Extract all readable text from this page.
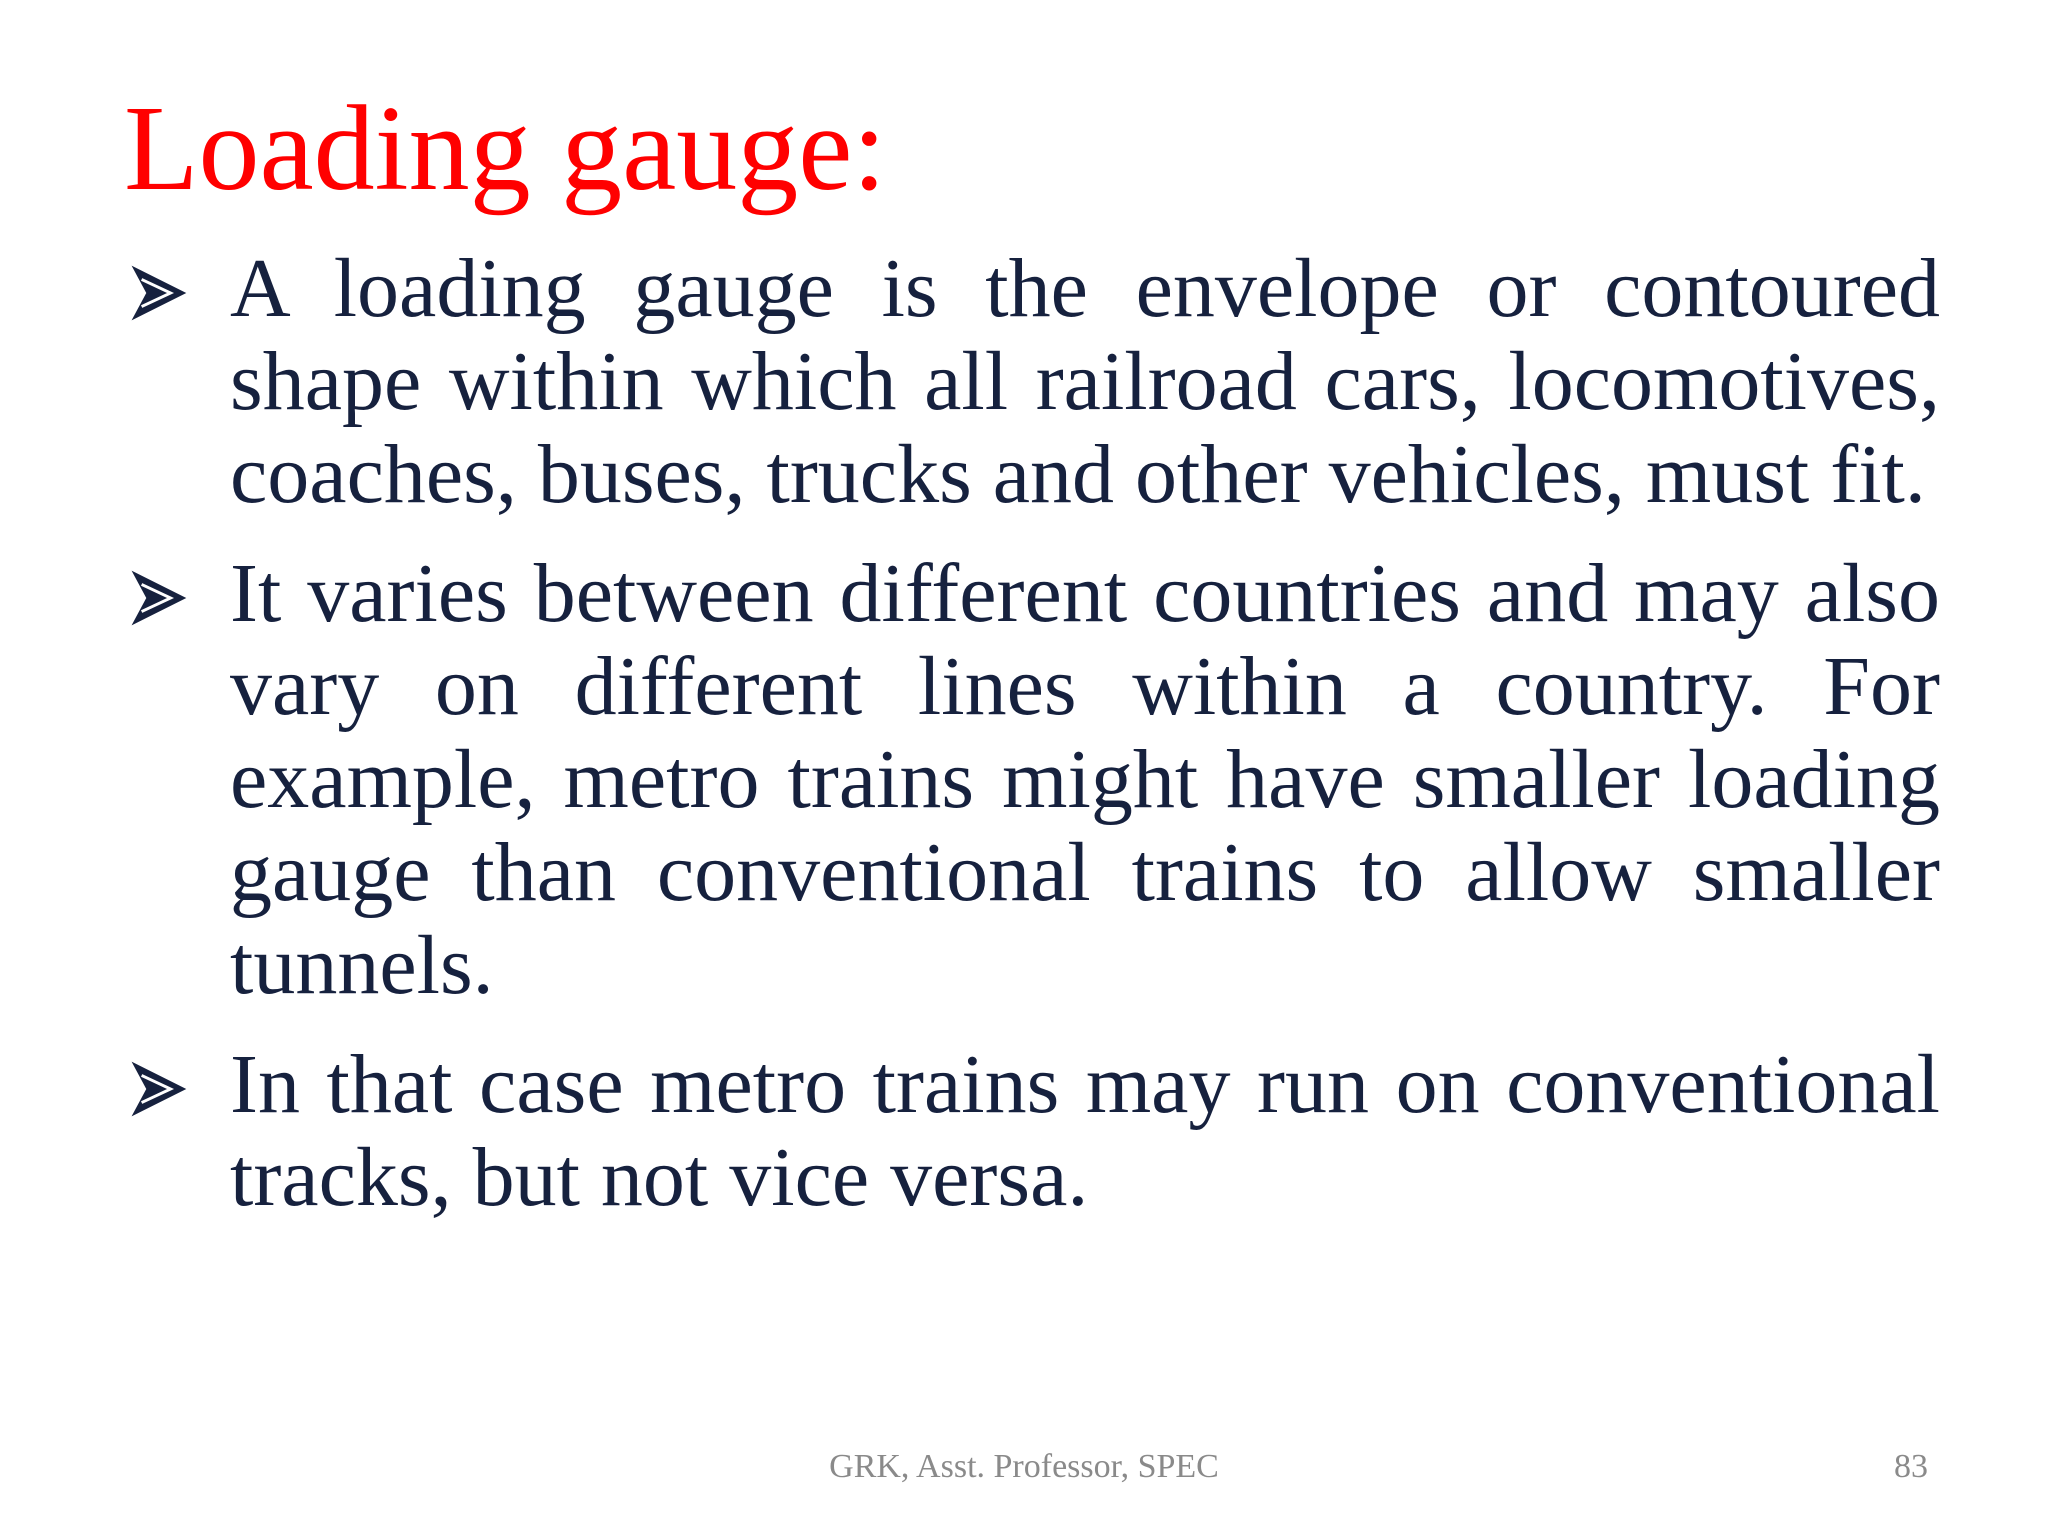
Loading gauge:
A loading gauge is the envelope or contoured shape within which all railroad cars, locomotives, coaches, buses, trucks and other vehicles, must fit.
It varies between different countries and may also vary on different lines within a country. For example, metro trains might have smaller loading gauge than conventional trains to allow smaller tunnels.
In that case metro trains may run on conventional tracks, but not vice versa.
GRK, Asst. Professor, SPEC	83
